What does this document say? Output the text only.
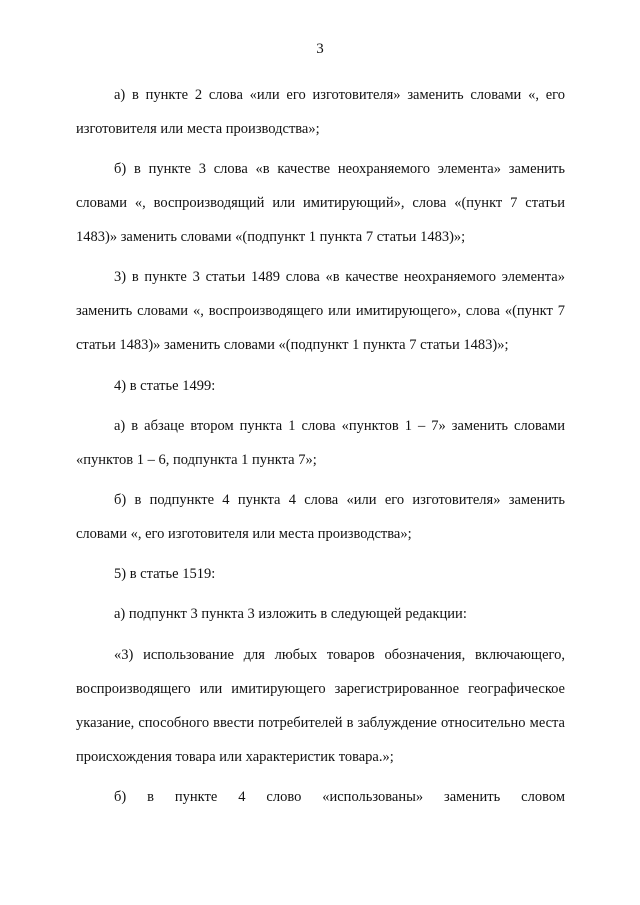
3

а) в пункте 2 слова «или его изготовителя» заменить словами «, его изготовителя или места производства»;

б) в пункте 3 слова «в качестве неохраняемого элемента» заменить словами «, воспроизводящий или имитирующий», слова «(пункт 7 статьи 1483)» заменить словами «(подпункт 1 пункта 7 статьи 1483)»;

3) в пункте 3 статьи 1489 слова «в качестве неохраняемого элемента» заменить словами «, воспроизводящего или имитирующего», слова «(пункт 7 статьи 1483)» заменить словами «(подпункт 1 пункта 7 статьи 1483)»;

4) в статье 1499:

а) в абзаце втором пункта 1 слова «пунктов 1 – 7» заменить словами «пунктов 1 – 6, подпункта 1 пункта 7»;

б) в подпункте 4 пункта 4 слова «или его изготовителя» заменить словами «, его изготовителя или места производства»;

5) в статье 1519:

а) подпункт 3 пункта 3 изложить в следующей редакции:

«3) использование для любых товаров обозначения, включающего, воспроизводящего или имитирующего зарегистрированное географическое указание, способного ввести потребителей в заблуждение относительно места происхождения товара или характеристик товара.»;

б) в пункте 4 слово «использованы» заменить словом
